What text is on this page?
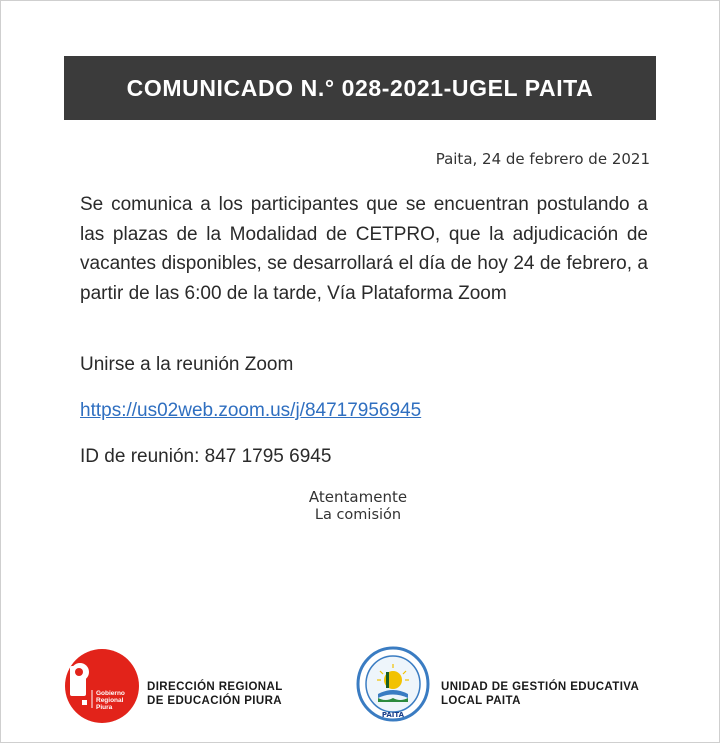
COMUNICADO N.° 028-2021-UGEL PAITA
Paita, 24 de febrero de 2021
Se comunica a los participantes que se encuentran postulando a las plazas de la Modalidad de CETPRO, que la adjudicación de vacantes disponibles, se desarrollará el día de hoy 24 de febrero, a partir de las 6:00 de la tarde, Vía Plataforma Zoom
Unirse a la reunión Zoom
https://us02web.zoom.us/j/84717956945
ID de reunión: 847 1795 6945
Atentamente
La comisión
Gobierno
Regional
Piura
DIRECCIÓN REGIONAL
DE EDUCACIÓN PIURA
PAITA
UNIDAD DE GESTIÓN EDUCATIVA
LOCAL PAITA
